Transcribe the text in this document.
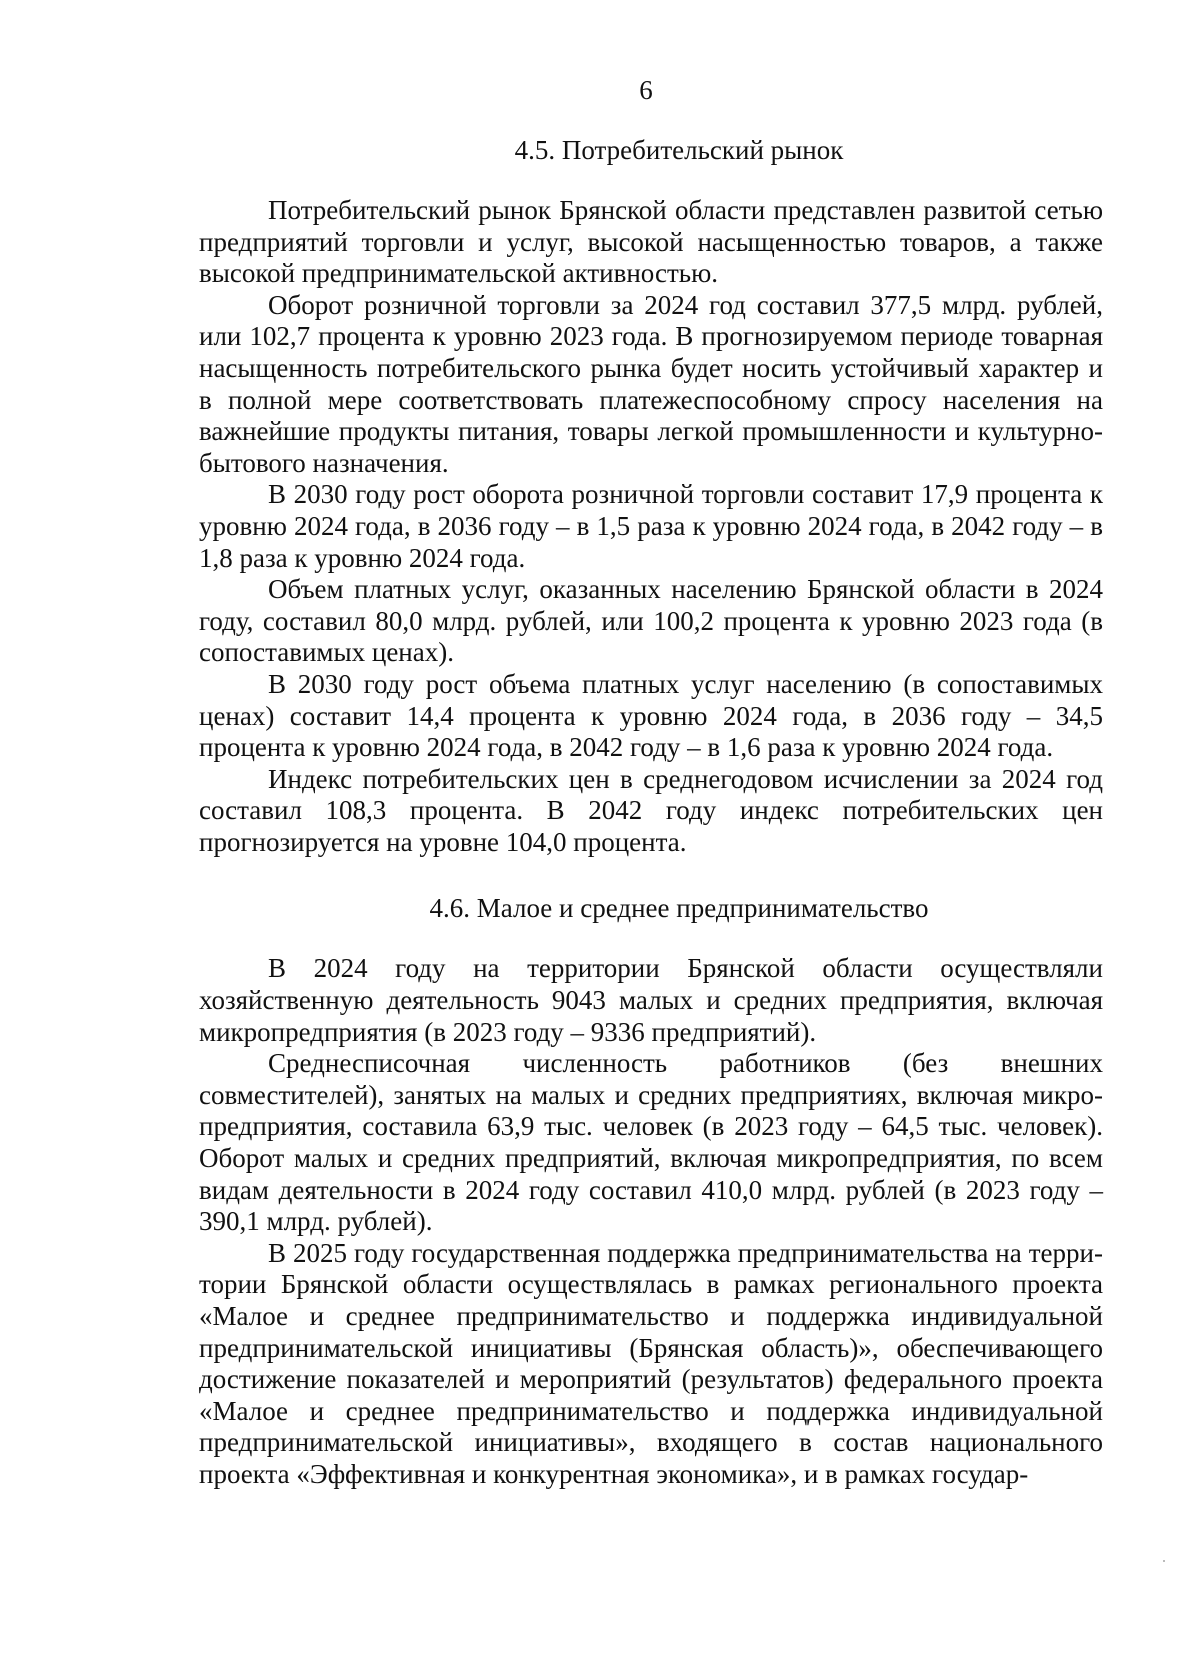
6
4.5. Потребительский рынок

Потребительский рынок Брянской области представлен развитой сетью предприятий торговли и услуг, высокой насыщенностью товаров, а также высокой предпринимательской активностью.

Оборот розничной торговли за 2024 год составил 377,5 млрд. рублей, или 102,7 процента к уровню 2023 года. В прогнозируемом периоде товарная насыщенность потребительского рынка будет носить устойчивый характер и в полной мере соответствовать платежеспособному спросу населения на важнейшие продукты питания, товары легкой промышленности и культурно-бытового назначения.

В 2030 году рост оборота розничной торговли составит 17,9 процента к уровню 2024 года, в 2036 году – в 1,5 раза к уровню 2024 года, в 2042 году – в 1,8 раза к уровню 2024 года.

Объем платных услуг, оказанных населению Брянской области в 2024 году, составил 80,0 млрд. рублей, или 100,2 процента к уровню 2023 года (в сопоставимых ценах).

В 2030 году рост объема платных услуг населению (в сопоставимых ценах) составит 14,4 процента к уровню 2024 года, в 2036 году – 34,5 процента к уровню 2024 года, в 2042 году – в 1,6 раза к уровню 2024 года.

Индекс потребительских цен в среднегодовом исчислении за 2024 год составил 108,3 процента. В 2042 году индекс потребительских цен прогнозируется на уровне 104,0 процента.

4.6. Малое и среднее предпринимательство

В 2024 году на территории Брянской области осуществляли хозяйственную деятельность 9043 малых и средних предприятия, включая микропредприятия (в 2023 году – 9336 предприятий).

Среднесписочная численность работников (без внешних совместителей), занятых на малых и средних предприятиях, включая микропредприятия, составила 63,9 тыс. человек (в 2023 году – 64,5 тыс. человек). Оборот малых и средних предприятий, включая микропредприятия, по всем видам деятельности в 2024 году составил 410,0 млрд. рублей (в 2023 году – 390,1 млрд. рублей).

В 2025 году государственная поддержка предпринимательства на территории Брянской области осуществлялась в рамках регионального проекта «Малое и среднее предпринимательство и поддержка индивидуальной предпринимательской инициативы (Брянская область)», обеспечивающего достижение показателей и мероприятий (результатов) федерального проекта «Малое и среднее предпринимательство и поддержка индивидуальной предпринимательской инициативы», входящего в состав национального проекта «Эффективная и конкурентная экономика», и в рамках государ-
